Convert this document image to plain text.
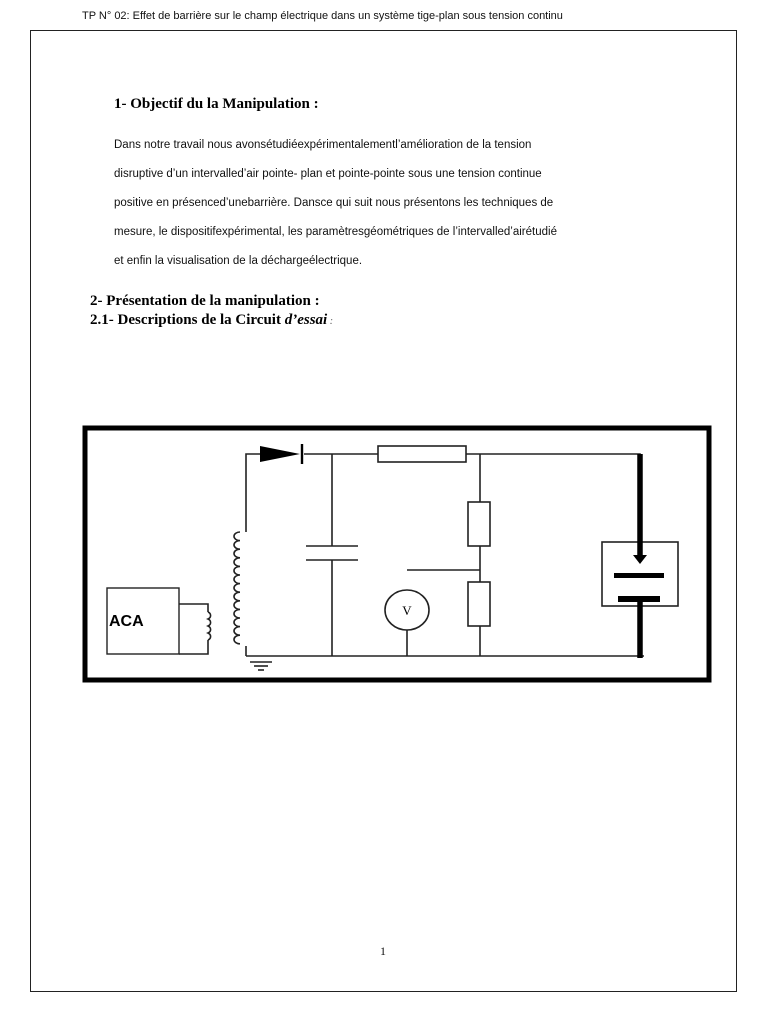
TP N° 02: Effet de barrière sur le champ électrique dans un système tige-plan sous tension continu
1- Objectif du la Manipulation :
Dans notre travail nous avonsétudiéexpérimentalementl’amélioration de la tension
disruptive d’un intervalled’air pointe- plan et pointe-pointe sous une tension continue
positive en présenced’unebarrière. Dansce qui suit nous présentons les techniques de
mesure, le dispositifexpérimental, les paramètresgéométriques de l’intervalled’airétudié
et enfin la visualisation de la déchargeélectrique.
2- Présentation de la manipulation :
2.1- Descriptions de la Circuit d’essai :
ACA
V
1
